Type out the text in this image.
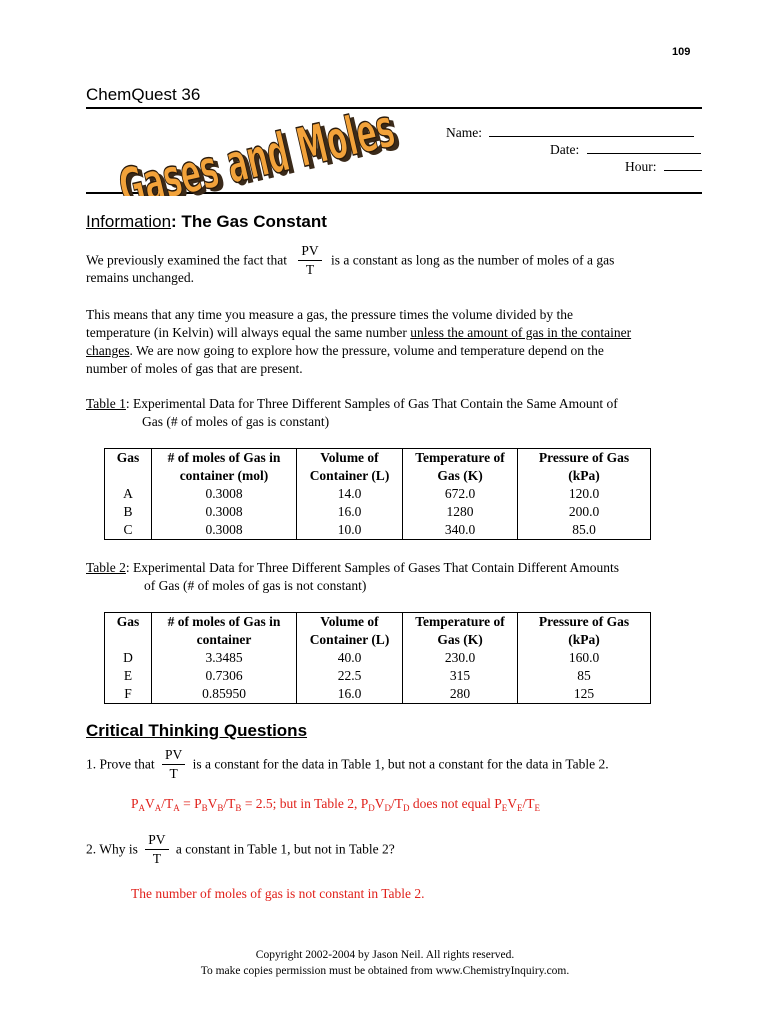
109
ChemQuest 36
Gases and
Gases and Name:
Date:
Hour:
Information: The Gas Constant
We previously examined the fact that $\frac{PV}{T}$ is a constant as long as the number of moles of a gas
remains unchanged.
This means that any time you measure a gas, the pressure times the volume divided by the
temperature (in Kelvin) will always equal the same number unless the amount of gas in the container
changes. We are now going to explore how the pressure, volume and temperature depend on the
number of moles of gas that are present.
Table 1: Experimental Data for Three Different Samples of Gas That Contain the Same Amount of
Gas (# of moles of gas is constant)
Gas	# of moles of Gas in container (mol)	Volume of Container (L)	Temperature of Gas (K)	Pressure of Gas (kPa)
A	0.3008	14.0	672.0	120.0
B	0.3008	16.0	1280	200.0
C	0.3008	10.0	340.0	85.0
Table 2: Experimental Data for Three Different Samples of Gases That Contain Different Amounts
of Gas (# of moles of gas is not constant)
Gas	# of moles of Gas in container	Volume of Container (L)	Temperature of Gas (K)	Pressure of Gas (kPa)
D	3.3485	40.0	230.0	160.0
E	0.7306	22.5	315	85
F	0.85950	16.0	280	125
Critical Thinking Questions
1. Prove that $\frac{PV}{T}$ is a constant for the data in Table 1, but not a constant for the data in Table 2.
$P_AV_A/T_A = P_BV_B/T_B = 2.5$; but in Table 2, $P_DV_D/T_D$ does not equal $P_EV_E/T_E$
2. Why is $\frac{PV}{T}$ a constant in Table 1, but not in Table 2?
The number of moles of gas is not constant in Table 2.
Copyright 2002-2004 by Jason Neil. All rights reserved.
To make copies permission must be obtained from www.ChemistryInquiry.com.
